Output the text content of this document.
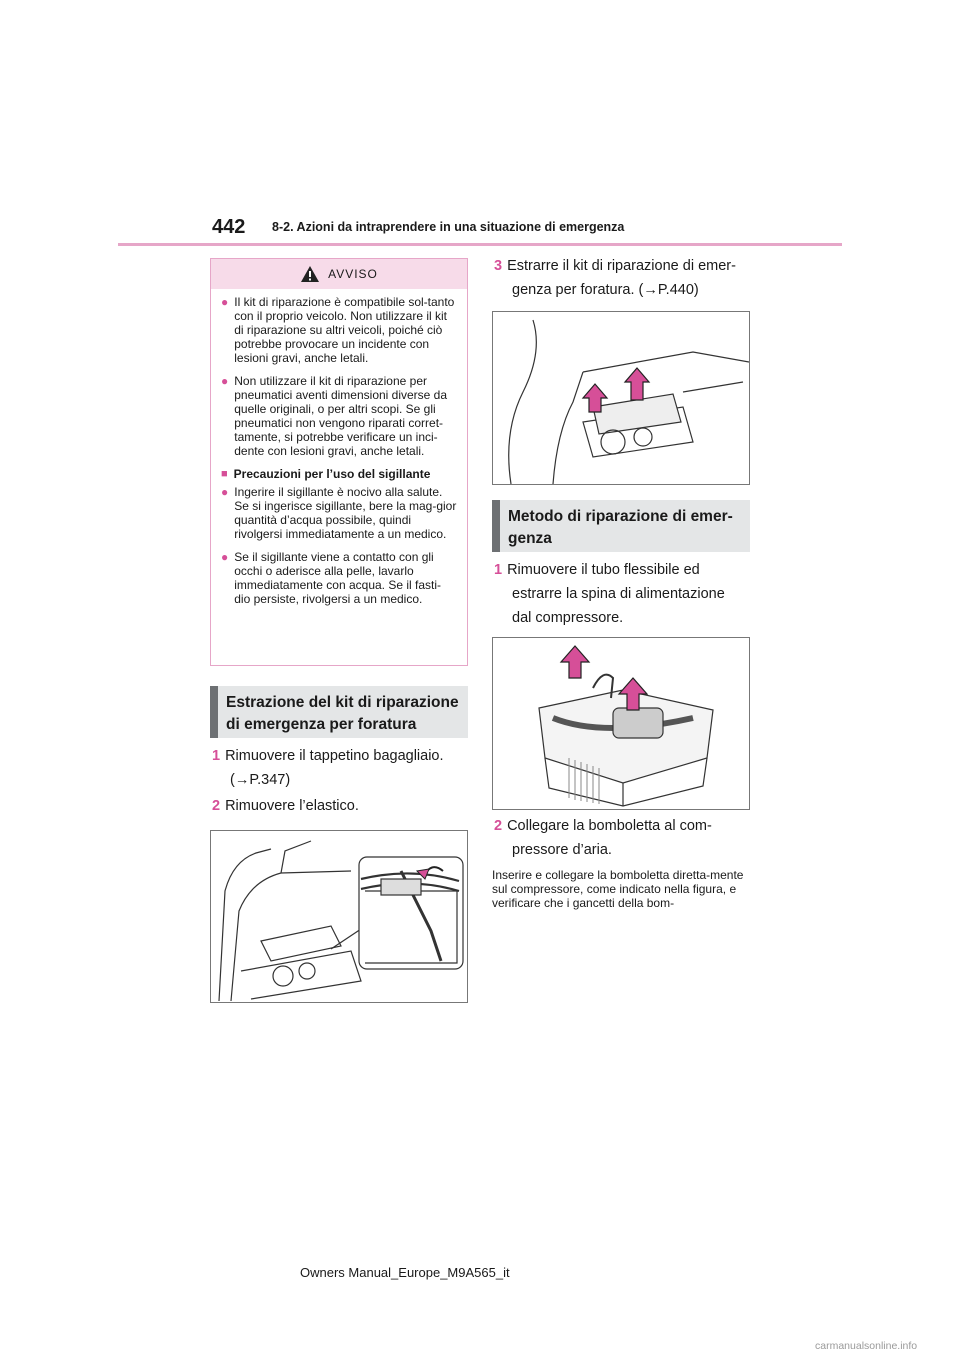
442 8-2. Azioni da intraprendere in una situazione di emergenza
AVVISO
● Il kit di riparazione è compatibile sol-tanto con il proprio veicolo. Non utilizzare il kit di riparazione su altri veicoli, poiché ciò potrebbe provocare un incidente con lesioni gravi, anche letali.

● Non utilizzare il kit di riparazione per pneumatici aventi dimensioni diverse da quelle originali, o per altri scopi. Se gli pneumatici non vengono riparati corret-tamente, si potrebbe verificare un inci-dente con lesioni gravi, anche letali.

■ Precauzioni per l’uso del sigillante
● Ingerire il sigillante è nocivo alla salute. Se si ingerisce sigillante, bere la mag-gior quantità d’acqua possibile, quindi rivolgersi immediatamente a un medico.

● Se il sigillante viene a contatto con gli occhi o aderisce alla pelle, lavarlo immediatamente con acqua. Se il fasti-dio persiste, rivolgersi a un medico.

Estrazione del kit di riparazione di emergenza per foratura
1 Rimuovere il tappetino bagagliaio.
(→P.347)
2 Rimuovere l’elastico.
3 Estrarre il kit di riparazione di emer-
genza per foratura. (→P.440)
Metodo di riparazione di emer-genza
1 Rimuovere il tubo flessibile ed
estrarre la spina di alimentazione
dal compressore.
2 Collegare la bomboletta al com-
pressore d’aria.
Inserire e collegare la bomboletta diretta-mente sul compressore, come indicato nella figura, e verificare che i gancetti della bom-
Owners Manual_Europe_M9A565_it
carmanualsonline.info
